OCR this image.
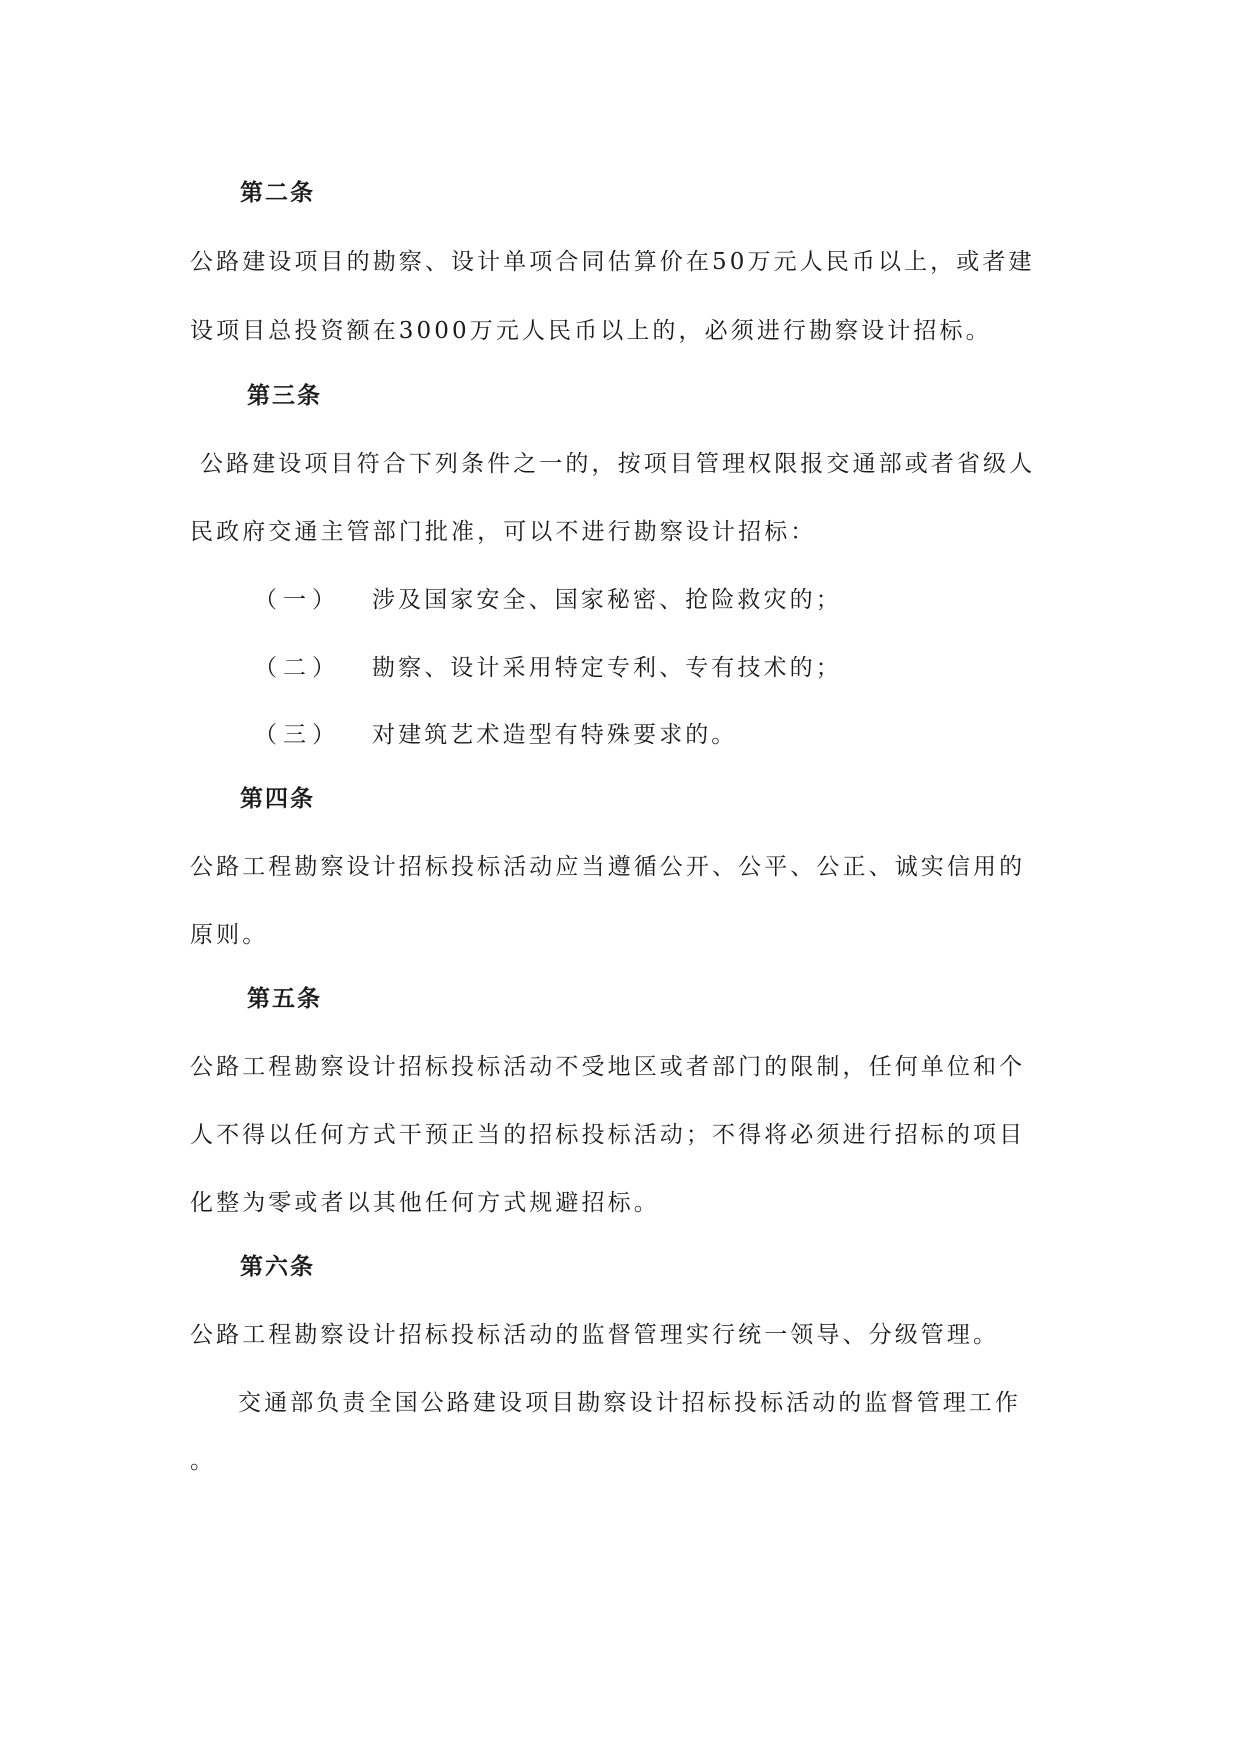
第二条
公路建设项目的勘察、设计单项合同估算价在50万元人民币以上，或者建
设项目总投资额在3000万元人民币以上的，必须进行勘察设计招标。
第三条
公路建设项目符合下列条件之一的，按项目管理权限报交通部或者省级人
民政府交通主管部门批准，可以不进行勘察设计招标：
（一） 涉及国家安全、国家秘密、抢险救灾的；
（二） 勘察、设计采用特定专利、专有技术的；
（三） 对建筑艺术造型有特殊要求的。
第四条
公路工程勘察设计招标投标活动应当遵循公开、公平、公正、诚实信用的
原则。
第五条
公路工程勘察设计招标投标活动不受地区或者部门的限制，任何单位和个
人不得以任何方式干预正当的招标投标活动；不得将必须进行招标的项目
化整为零或者以其他任何方式规避招标。
第六条
公路工程勘察设计招标投标活动的监督管理实行统一领导、分级管理。
交通部负责全国公路建设项目勘察设计招标投标活动的监督管理工作
。
